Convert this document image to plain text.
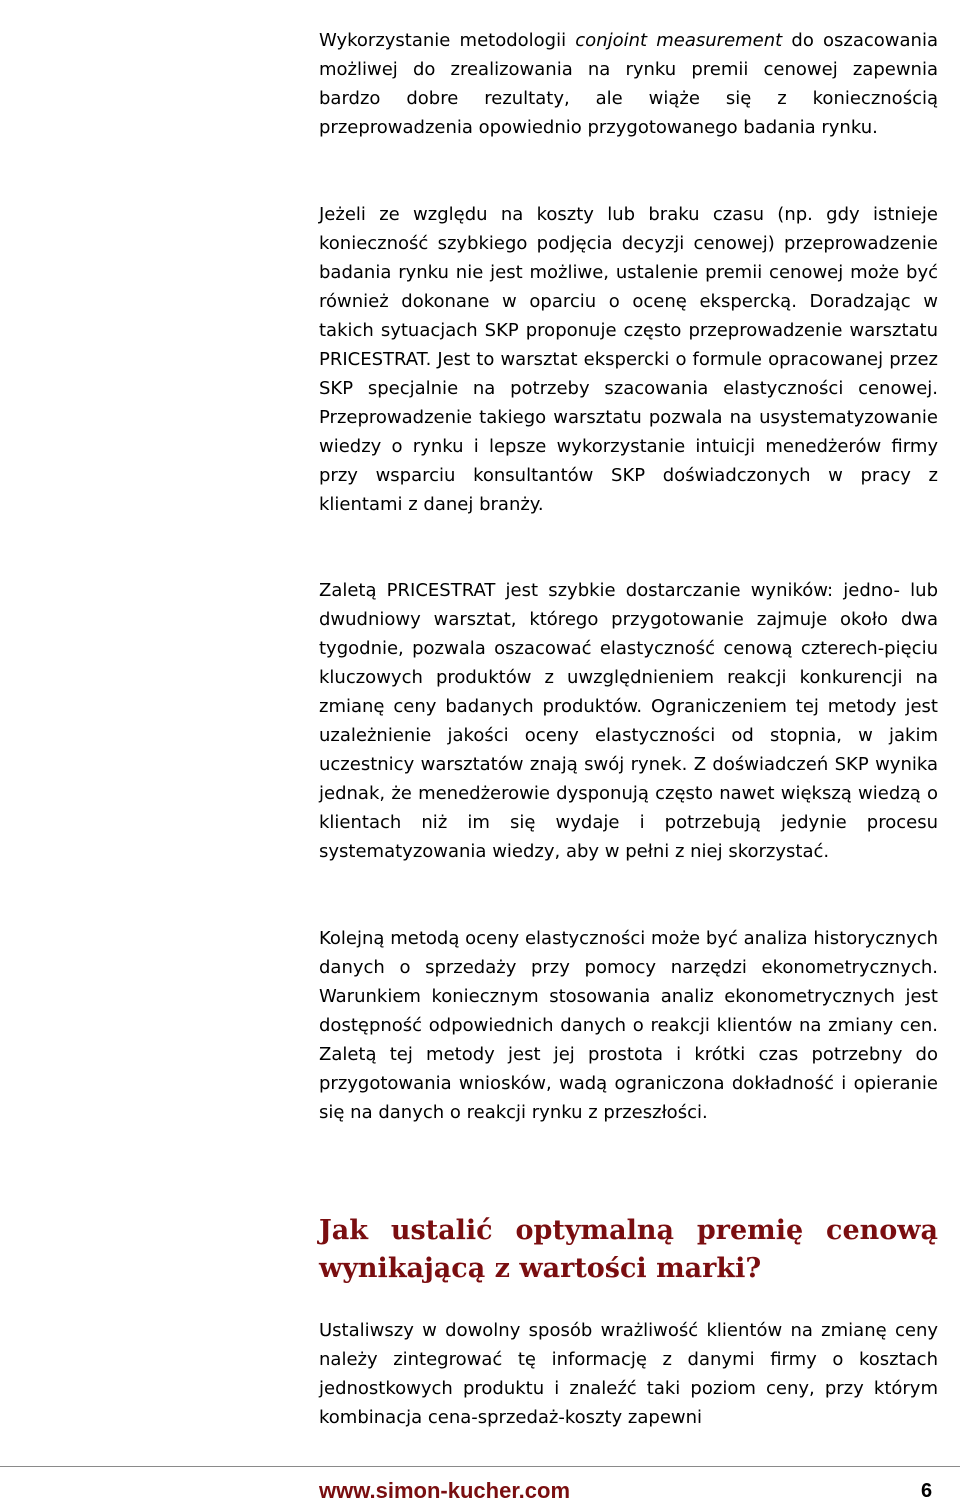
Wykorzystanie metodologii conjoint measurement do oszacowania możliwej do zrealizowania na rynku premii cenowej zapewnia bardzo dobre rezultaty, ale wiąże się z koniecznością przeprowadzenia opowiednio przygotowanego badania rynku.

Jeżeli ze względu na koszty lub braku czasu (np. gdy istnieje konieczność szybkiego podjęcia decyzji cenowej) przeprowadzenie badania rynku nie jest możliwe, ustalenie premii cenowej może być również dokonane w oparciu o ocenę ekspercką. Doradzając w takich sytuacjach SKP proponuje często przeprowadzenie warsztatu PRICESTRAT. Jest to warsztat ekspercki o formule opracowanej przez SKP specjalnie na potrzeby szacowania elastyczności cenowej. Przeprowadzenie takiego warsztatu pozwala na usystematyzowanie wiedzy o rynku i lepsze wykorzystanie intuicji menedżerów firmy przy wsparciu konsultantów SKP doświadczonych w pracy z klientami z danej branży.

Zaletą PRICESTRAT jest szybkie dostarczanie wyników: jedno- lub dwudniowy warsztat, którego przygotowanie zajmuje około dwa tygodnie, pozwala oszacować elastyczność cenową czterech-pięciu kluczowych produktów z uwzględnieniem reakcji konkurencji na zmianę ceny badanych produktów. Ograniczeniem tej metody jest uzależnienie jakości oceny elastyczności od stopnia, w jakim uczestnicy warsztatów znają swój rynek. Z doświadczeń SKP wynika jednak, że menedżerowie dysponują często nawet większą wiedzą o klientach niż im się wydaje i potrzebują jedynie procesu systematyzowania wiedzy, aby w pełni z niej skorzystać.

Kolejną metodą oceny elastyczności może być analiza historycznych danych o sprzedaży przy pomocy narzędzi ekonometrycznych. Warunkiem koniecznym stosowania analiz ekonometrycznych jest dostępność odpowiednich danych o reakcji klientów na zmiany cen. Zaletą tej metody jest jej prostota i krótki czas potrzebny do przygotowania wniosków, wadą ograniczona dokładność i opieranie się na danych o reakcji rynku z przeszłości.

Jak ustalić optymalną premię cenową wynikającą z wartości marki?

Ustaliwszy w dowolny sposób wrażliwość klientów na zmianę ceny należy zintegrować tę informację z danymi firmy o kosztach jednostkowych produktu i znaleźć taki poziom ceny, przy którym kombinacja cena-sprzedaż-koszty zapewni

www.simon-kucher.com	6
